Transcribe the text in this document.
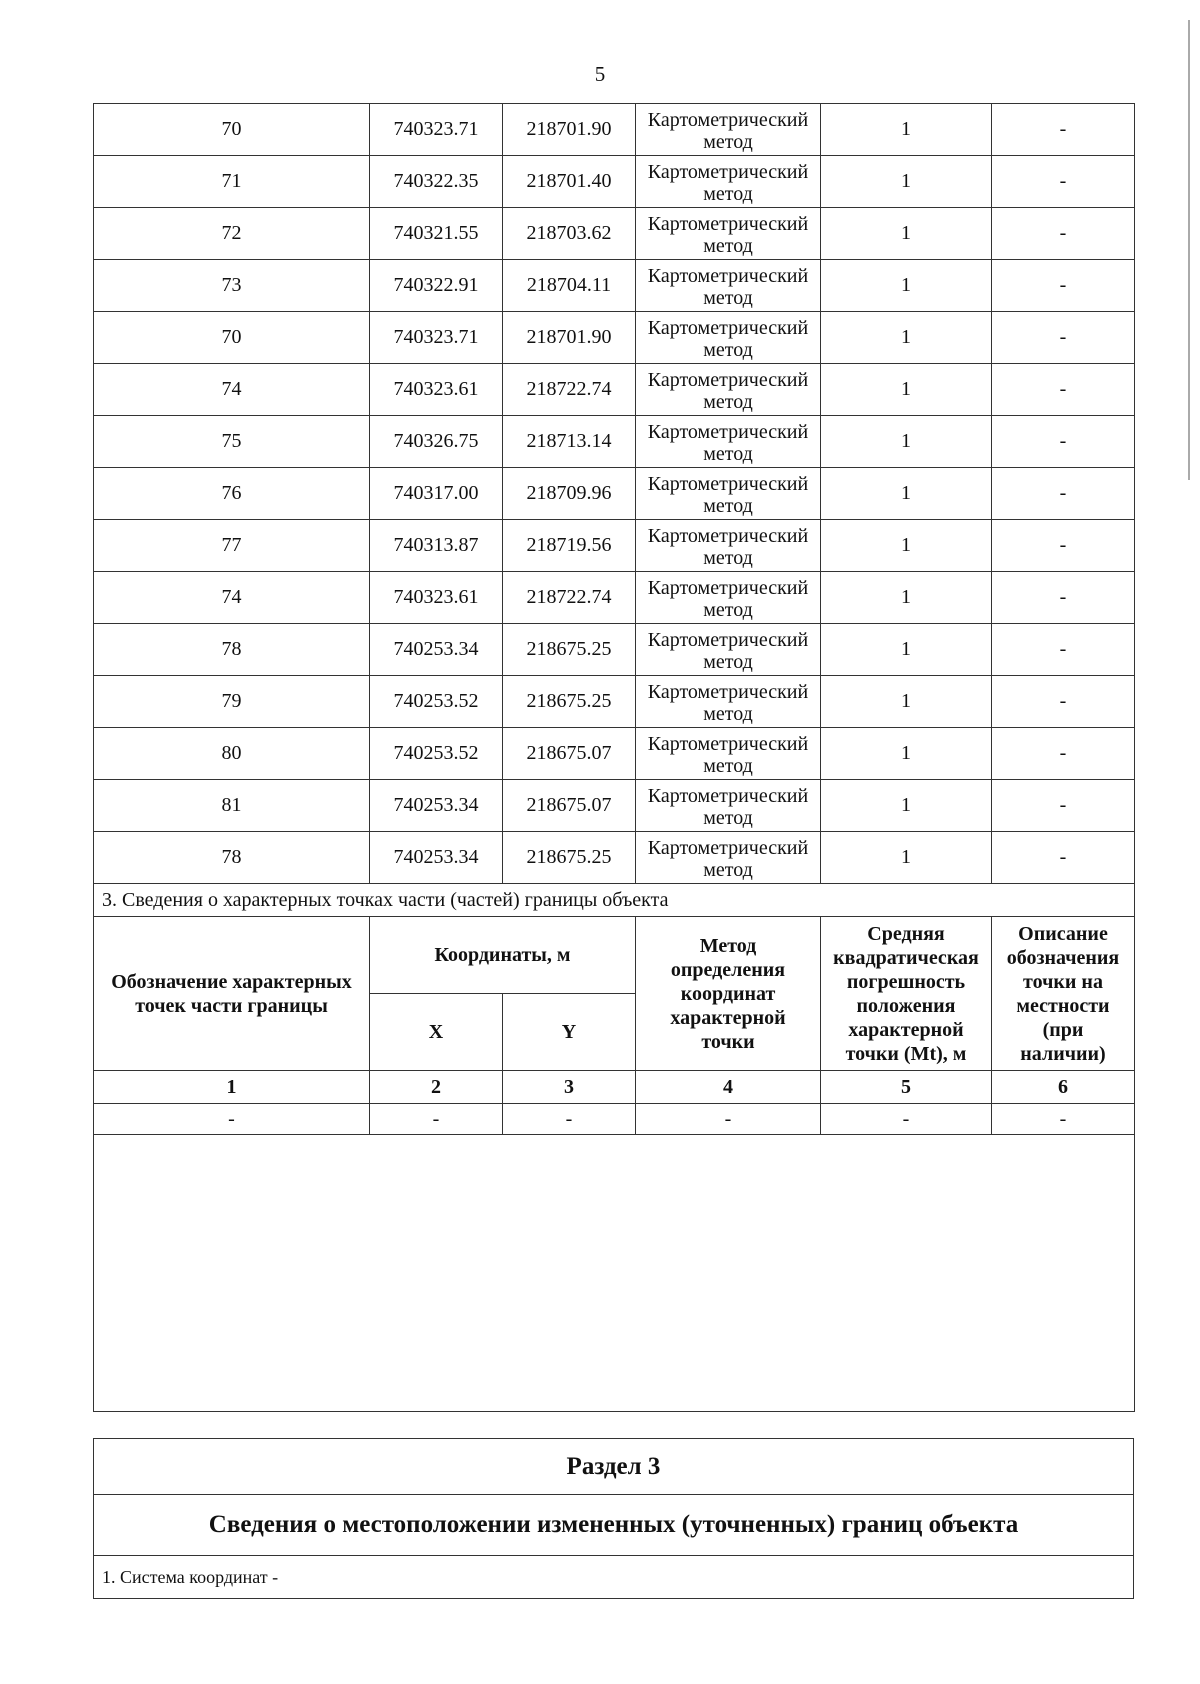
5
70	740323.71	218701.90	Картометрический метод	1	-
71	740322.35	218701.40	Картометрический метод	1	-
72	740321.55	218703.62	Картометрический метод	1	-
73	740322.91	218704.11	Картометрический метод	1	-
70	740323.71	218701.90	Картометрический метод	1	-
74	740323.61	218722.74	Картометрический метод	1	-
75	740326.75	218713.14	Картометрический метод	1	-
76	740317.00	218709.96	Картометрический метод	1	-
77	740313.87	218719.56	Картометрический метод	1	-
74	740323.61	218722.74	Картометрический метод	1	-
78	740253.34	218675.25	Картометрический метод	1	-
79	740253.52	218675.25	Картометрический метод	1	-
80	740253.52	218675.07	Картометрический метод	1	-
81	740253.34	218675.07	Картометрический метод	1	-
78	740253.34	218675.25	Картометрический метод	1	-
3. Сведения о характерных точках части (частей) границы объекта					
Обозначение характерных точек части границы	Координаты, м		Метод определения координат характерной точки	Средняя квадратическая погрешность положения характерной точки (Mt), м	Описание обозначения точки на местности (при наличии)
	X	Y			
1	2	3	4	5	6
-	-	-	-	-	-

Раздел 3
Сведения о местоположении измененных (уточненных) границ объекта
1. Система координат -
